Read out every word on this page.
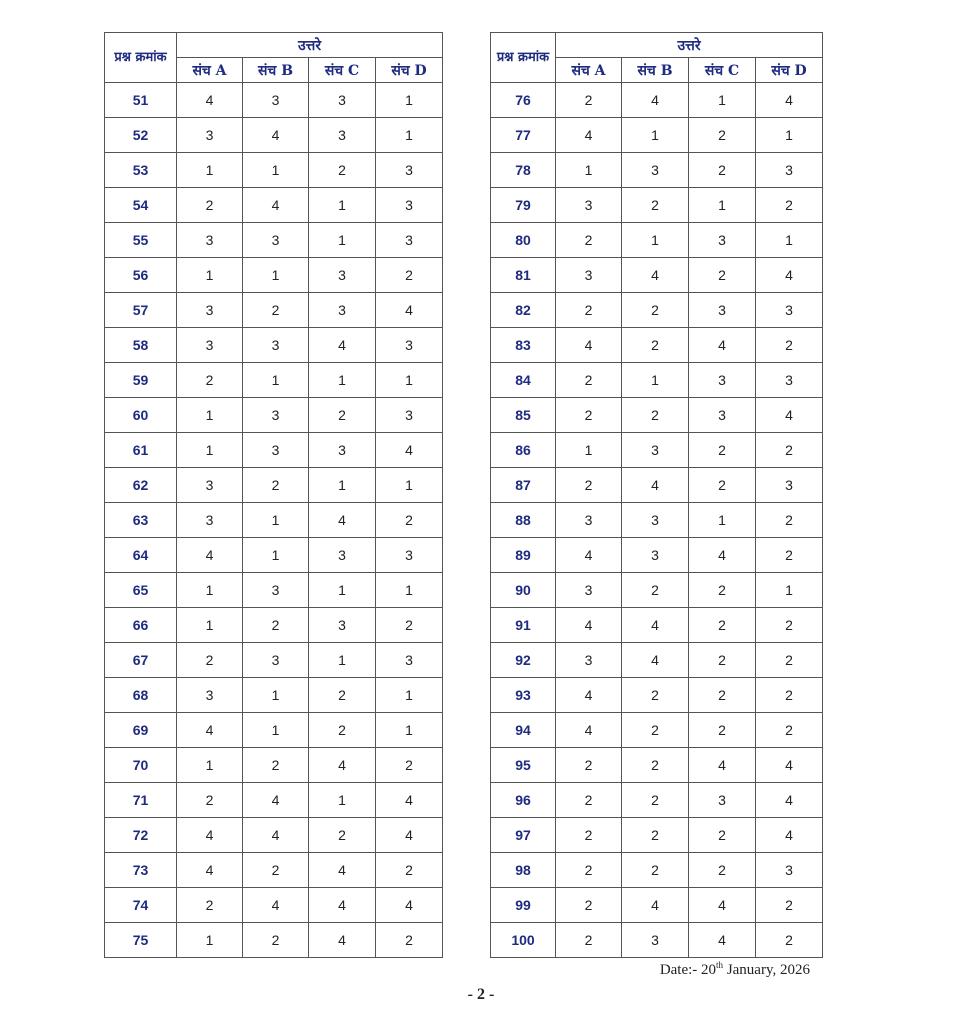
प्रश्न क्रमांक	उत्तरे			
	संच A	संच B	संच C	संच D
51	4	3	3	1
52	3	4	3	1
53	1	1	2	3
54	2	4	1	3
55	3	3	1	3
56	1	1	3	2
57	3	2	3	4
58	3	3	4	3
59	2	1	1	1
60	1	3	2	3
61	1	3	3	4
62	3	2	1	1
63	3	1	4	2
64	4	1	3	3
65	1	3	1	1
66	1	2	3	2
67	2	3	1	3
68	3	1	2	1
69	4	1	2	1
70	1	2	4	2
71	2	4	1	4
72	4	4	2	4
73	4	2	4	2
74	2	4	4	4
75	1	2	4	2
प्रश्न क्रमांक	उत्तरे			
	संच A	संच B	संच C	संच D
76	2	4	1	4
77	4	1	2	1
78	1	3	2	3
79	3	2	1	2
80	2	1	3	1
81	3	4	2	4
82	2	2	3	3
83	4	2	4	2
84	2	1	3	3
85	2	2	3	4
86	1	3	2	2
87	2	4	2	3
88	3	3	1	2
89	4	3	4	2
90	3	2	2	1
91	4	4	2	2
92	3	4	2	2
93	4	2	2	2
94	4	2	2	2
95	2	2	4	4
96	2	2	3	4
97	2	2	2	4
98	2	2	2	3
99	2	4	4	2
100	2	3	4	2
Date:- 20th January, 2026
- 2 -
